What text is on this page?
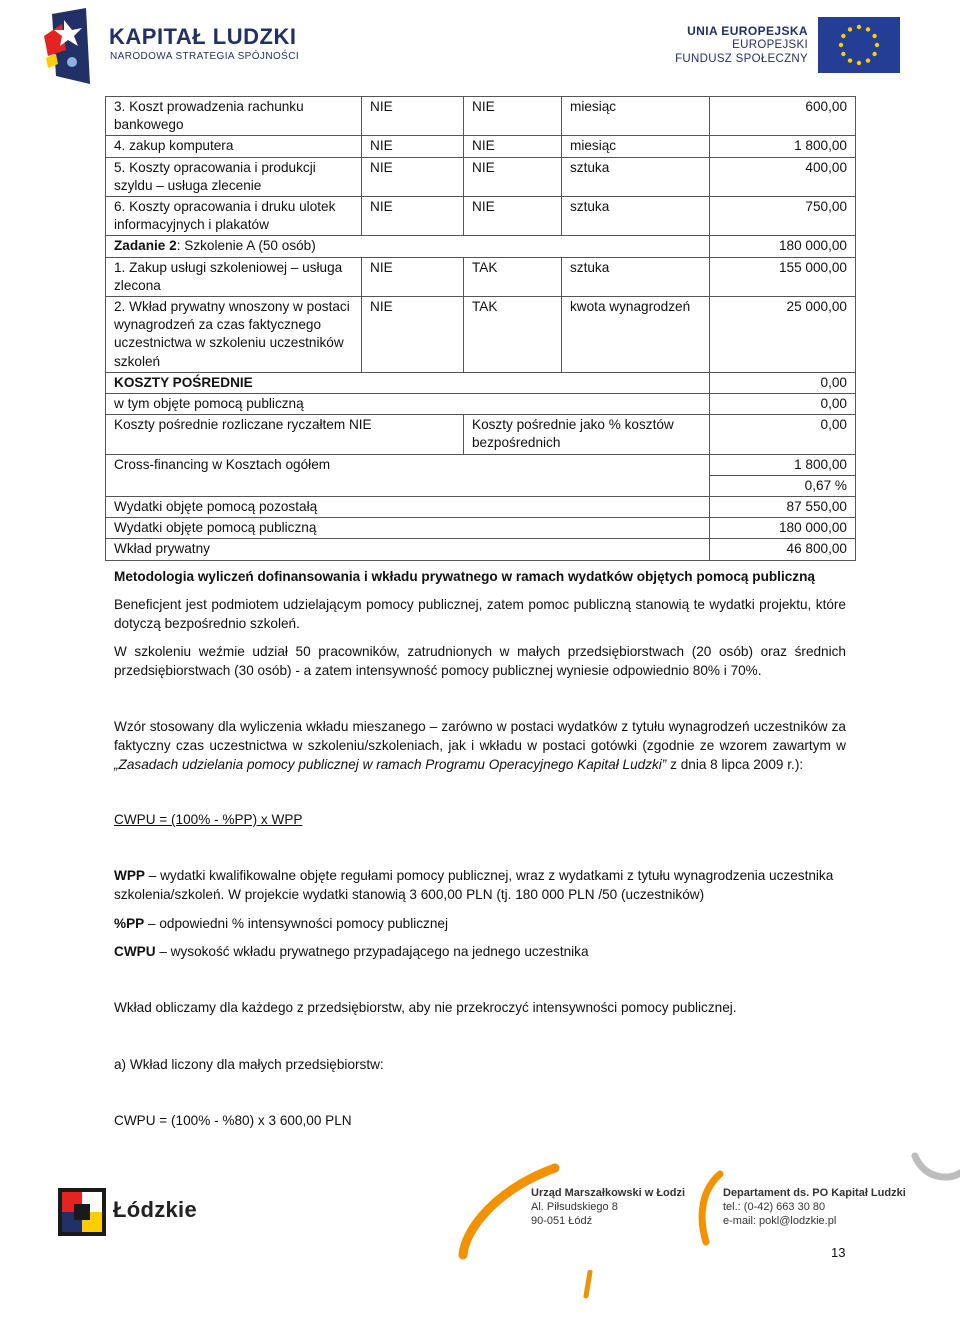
KAPITAŁ LUDZKI
NARODOWA STRATEGIA SPÓJNOŚCI
UNIA EUROPEJSKA
EUROPEJSKI
FUNDUSZ SPOŁECZNY
3. Koszt prowadzenia rachunku bankowego	NIE	NIE	miesiąc	600,00
4. zakup komputera	NIE	NIE	miesiąc	1 800,00
5. Koszty opracowania i produkcji szyldu – usługa zlecenie	NIE	NIE	sztuka	400,00
6. Koszty opracowania i druku ulotek informacyjnych i plakatów	NIE	NIE	sztuka	750,00
Zadanie 2: Szkolenie A (50 osób)				180 000,00
1. Zakup usługi szkoleniowej – usługa zlecona	NIE	TAK	sztuka	155 000,00
2. Wkład prywatny wnoszony w postaci wynagrodzeń za czas faktycznego uczestnictwa w szkoleniu uczestników szkoleń	NIE	TAK	kwota wynagrodzeń	25 000,00
KOSZTY POŚREDNIE				0,00
w tym objęte pomocą publiczną				0,00
Koszty pośrednie rozliczane ryczałtem NIE		Koszty pośrednie jako % kosztów bezpośrednich		0,00
Cross-financing w Kosztach ogółem				1 800,00
				0,67 %
Wydatki objęte pomocą pozostałą				87 550,00
Wydatki objęte pomocą publiczną				180 000,00
Wkład prywatny				46 800,00
Metodologia wyliczeń dofinansowania i wkładu prywatnego w ramach wydatków objętych pomocą publiczną
Beneficjent jest podmiotem udzielającym pomocy publicznej, zatem pomoc publiczną stanowią te wydatki projektu, które dotyczą bezpośrednio szkoleń.
W szkoleniu weźmie udział 50 pracowników, zatrudnionych w małych przedsiębiorstwach (20 osób) oraz średnich przedsiębiorstwach (30 osób) - a zatem intensywność pomocy publicznej wyniesie odpowiednio 80% i 70%.
Wzór stosowany dla wyliczenia wkładu mieszanego – zarówno w postaci wydatków z tytułu wynagrodzeń uczestników za faktyczny czas uczestnictwa w szkoleniu/szkoleniach, jak i wkładu w postaci gotówki (zgodnie ze wzorem zawartym w „Zasadach udzielania pomocy publicznej w ramach Programu Operacyjnego Kapitał Ludzki” z dnia 8 lipca 2009 r.):
CWPU = (100% - %PP) x WPP
WPP – wydatki kwalifikowalne objęte regułami pomocy publicznej, wraz z wydatkami z tytułu wynagrodzenia uczestnika szkolenia/szkoleń. W projekcie wydatki stanowią 3 600,00 PLN (tj. 180 000 PLN /50 (uczestników)
%PP – odpowiedni % intensywności pomocy publicznej
CWPU – wysokość wkładu prywatnego przypadającego na jednego uczestnika
Wkład obliczamy dla każdego z przedsiębiorstw, aby nie przekroczyć intensywności pomocy publicznej.
a) Wkład liczony dla małych przedsiębiorstw:
CWPU = (100% - %80) x 3 600,00 PLN
Łódzkie
Urząd Marszałkowski w Łodzi
Al. Piłsudskiego 8
90-051 Łódź
Departament ds. PO Kapitał Ludzki
tel.: (0-42) 663 30 80
e-mail: pokl@lodzkie.pl
13
